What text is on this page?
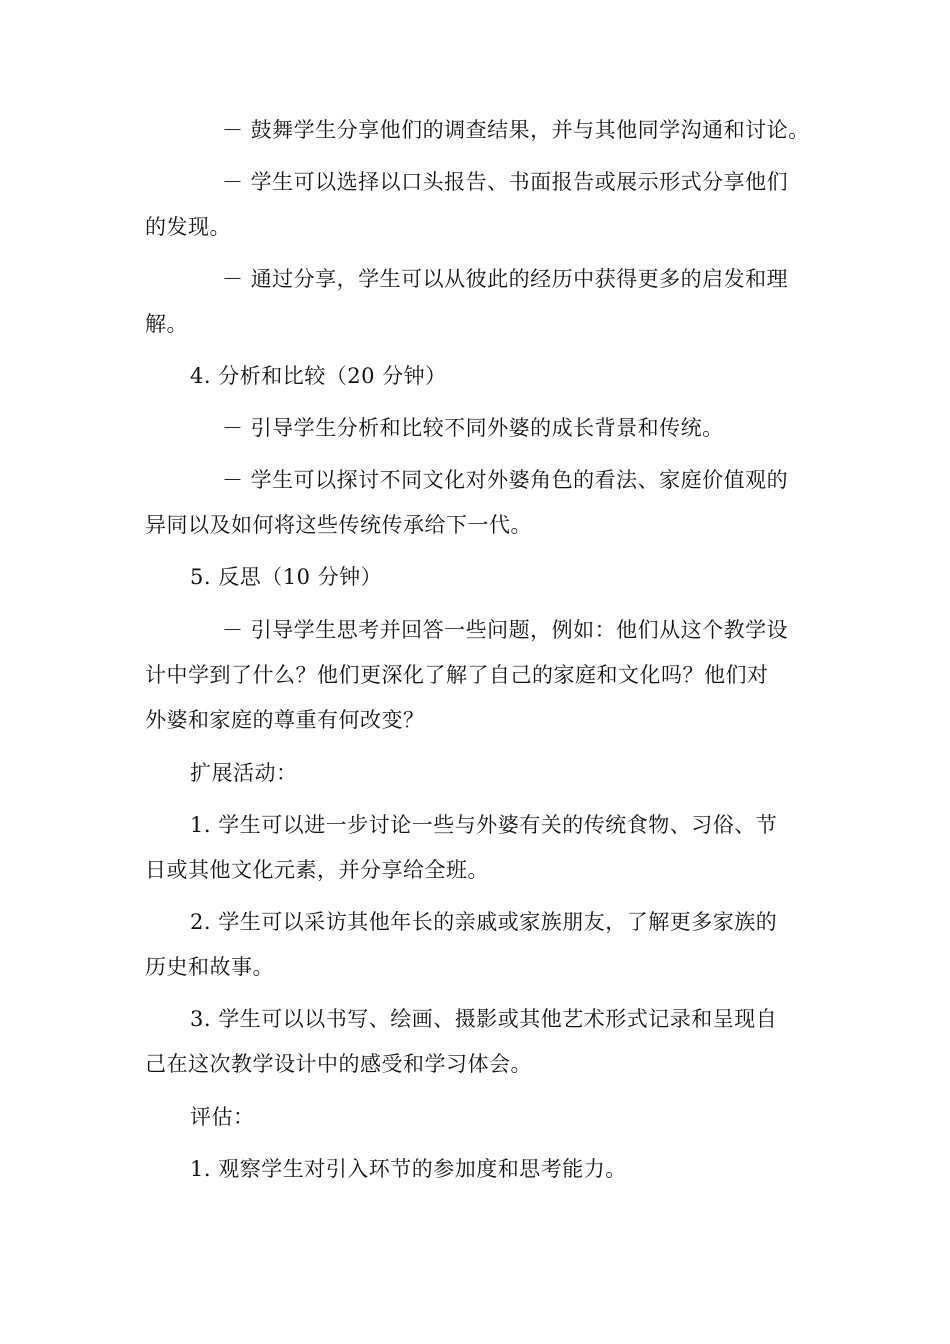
－ 鼓舞学生分享他们的调查结果，并与其他同学沟通和讨论。
－ 学生可以选择以口头报告、书面报告或展示形式分享他们
的发现。
－ 通过分享，学生可以从彼此的经历中获得更多的启发和理
解。
4. 分析和比较（20 分钟）
－ 引导学生分析和比较不同外婆的成长背景和传统。
－ 学生可以探讨不同文化对外婆角色的看法、家庭价值观的
异同以及如何将这些传统传承给下一代。
5. 反思（10 分钟）
－ 引导学生思考并回答一些问题，例如：他们从这个教学设
计中学到了什么？他们更深化了解了自己的家庭和文化吗？他们对
外婆和家庭的尊重有何改变？
扩展活动：
1. 学生可以进一步讨论一些与外婆有关的传统食物、习俗、节
日或其他文化元素，并分享给全班。
2. 学生可以采访其他年长的亲戚或家族朋友，了解更多家族的
历史和故事。
3. 学生可以以书写、绘画、摄影或其他艺术形式记录和呈现自
己在这次教学设计中的感受和学习体会。
评估：
1. 观察学生对引入环节的参加度和思考能力。
